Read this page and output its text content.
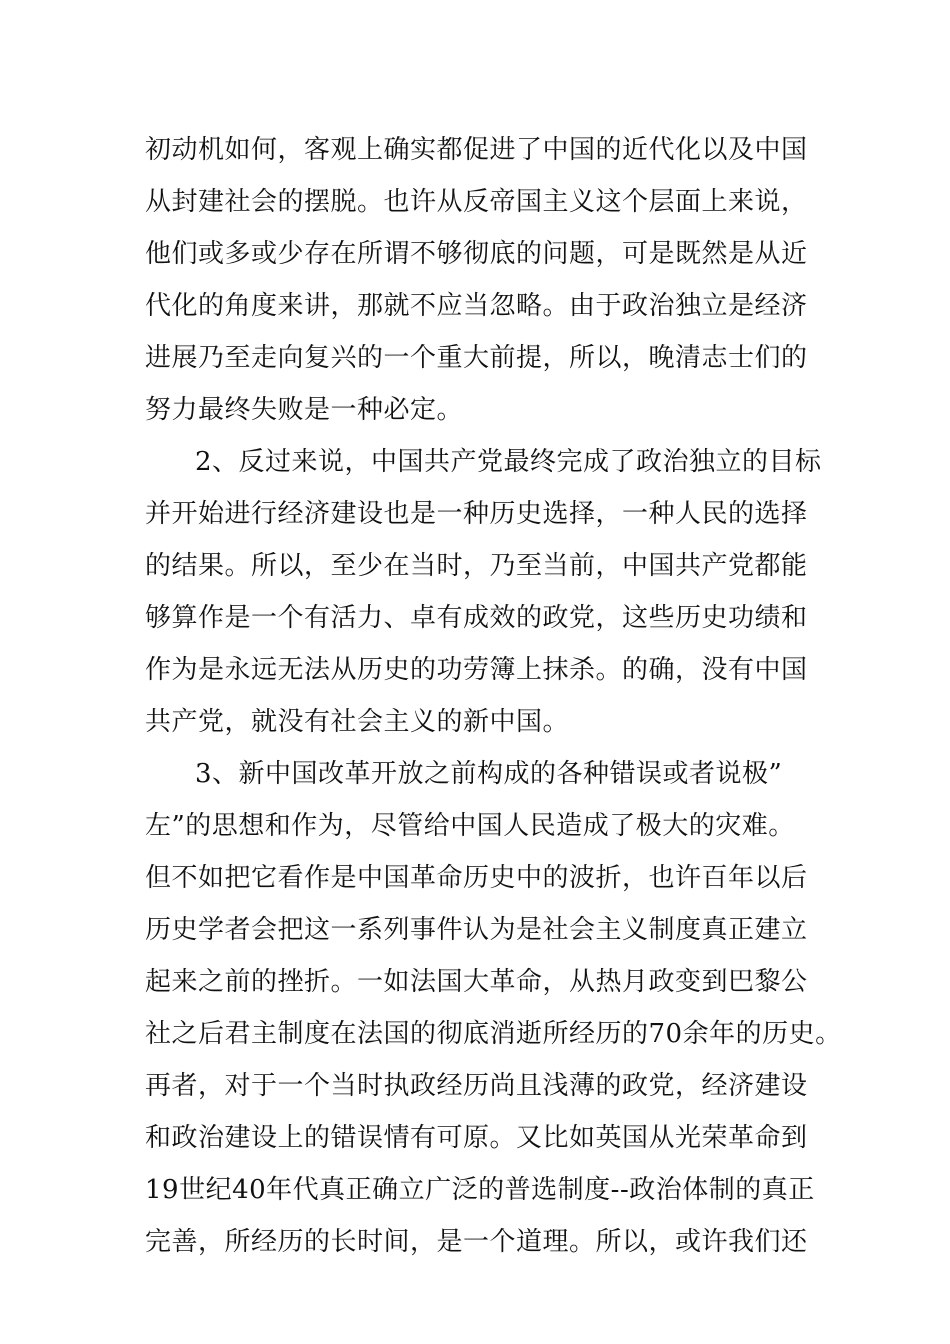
初动机如何，客观上确实都促进了中国的近代化以及中国
从封建社会的摆脱。也许从反帝国主义这个层面上来说，
他们或多或少存在所谓不够彻底的问题，可是既然是从近
代化的角度来讲，那就不应当忽略。由于政治独立是经济
进展乃至走向复兴的一个重大前提，所以，晚清志士们的
努力最终失败是一种必定。
2、反过来说，中国共产党最终完成了政治独立的目标
并开始进行经济建设也是一种历史选择，一种人民的选择
的结果。所以，至少在当时，乃至当前，中国共产党都能
够算作是一个有活力、卓有成效的政党，这些历史功绩和
作为是永远无法从历史的功劳簿上抹杀。的确，没有中国
共产党，就没有社会主义的新中国。
3、新中国改革开放之前构成的各种错误或者说极”
左”的思想和作为，尽管给中国人民造成了极大的灾难。
但不如把它看作是中国革命历史中的波折，也许百年以后
历史学者会把这一系列事件认为是社会主义制度真正建立
起来之前的挫折。一如法国大革命，从热月政变到巴黎公
社之后君主制度在法国的彻底消逝所经历的70余年的历史。
再者，对于一个当时执政经历尚且浅薄的政党，经济建设
和政治建设上的错误情有可原。又比如英国从光荣革命到
19世纪40年代真正确立广泛的普选制度--政治体制的真正
完善，所经历的长时间，是一个道理。所以，或许我们还
